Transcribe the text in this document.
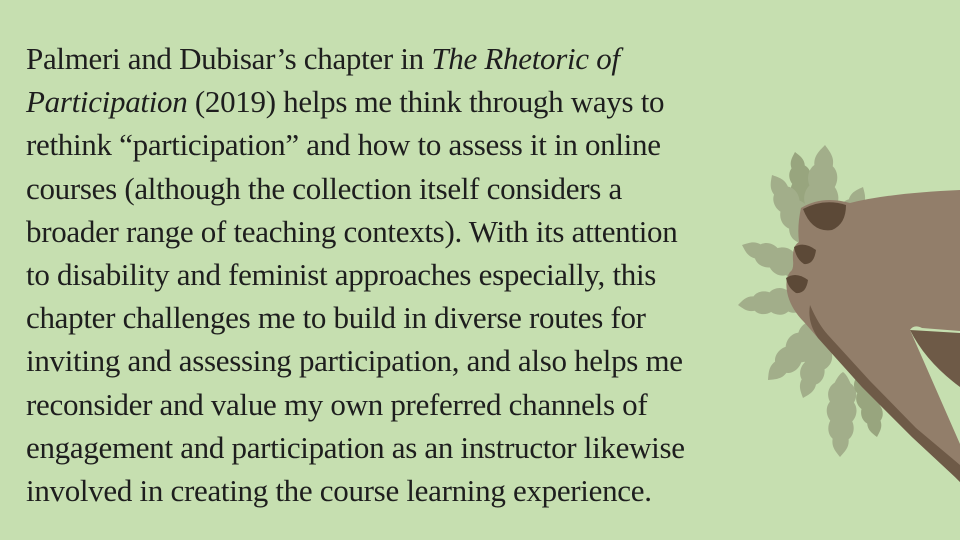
Palmeri and Dubisar’s chapter in The Rhetoric of
Participation (2019) helps me think through ways to
rethink “participation” and how to assess it in online
courses (although the collection itself considers a
broader range of teaching contexts). With its attention
to disability and feminist approaches especially, this
chapter challenges me to build in diverse routes for
inviting and assessing participation, and also helps me
reconsider and value my own preferred channels of
engagement and participation as an instructor likewise
involved in creating the course learning experience.
